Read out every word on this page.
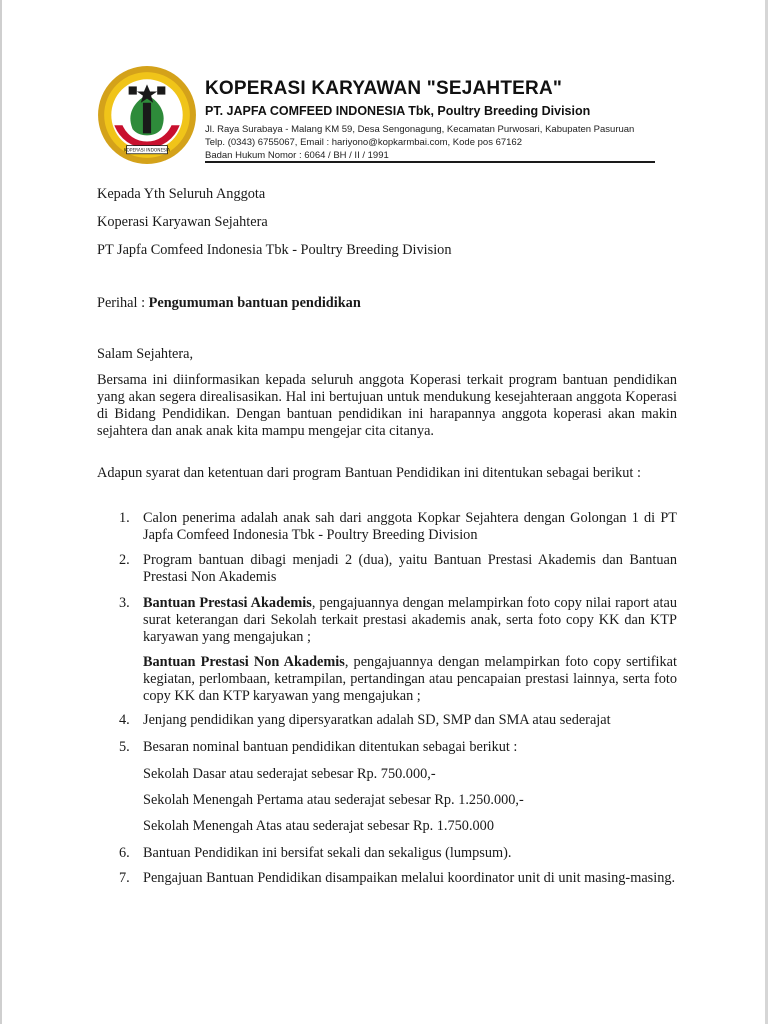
KOPERASI INDONESIA
KOPERASI KARYAWAN "SEJAHTERA"
PT. JAPFA COMFEED INDONESIA Tbk, Poultry Breeding Division
Jl. Raya Surabaya - Malang KM 59, Desa Sengonagung, Kecamatan Purwosari, Kabupaten Pasuruan
Telp. (0343) 6755067, Email : hariyono@kopkarmbai.com, Kode pos 67162
Badan Hukum Nomor : 6064 / BH / II / 1991

Kepada Yth Seluruh Anggota

Koperasi Karyawan Sejahtera

PT Japfa Comfeed Indonesia Tbk - Poultry Breeding Division

Perihal : Pengumuman bantuan pendidikan

Salam Sejahtera,

Bersama ini diinformasikan kepada seluruh anggota Koperasi terkait program bantuan pendidikan yang akan segera direalisasikan. Hal ini bertujuan untuk mendukung kesejahteraan anggota Koperasi di Bidang Pendidikan. Dengan bantuan pendidikan ini harapannya anggota koperasi akan makin sejahtera dan anak anak kita mampu mengejar cita citanya.

Adapun syarat dan ketentuan dari program Bantuan Pendidikan ini ditentukan sebagai berikut :

1. Calon penerima adalah anak sah dari anggota Kopkar Sejahtera dengan Golongan 1 di PT Japfa Comfeed Indonesia Tbk - Poultry Breeding Division
2. Program bantuan dibagi menjadi 2 (dua), yaitu Bantuan Prestasi Akademis dan Bantuan Prestasi Non Akademis
3. Bantuan Prestasi Akademis, pengajuannya dengan melampirkan foto copy nilai raport atau surat keterangan dari Sekolah terkait prestasi akademis anak, serta foto copy KK dan KTP karyawan yang mengajukan ;
Bantuan Prestasi Non Akademis, pengajuannya dengan melampirkan foto copy sertifikat kegiatan, perlombaan, ketrampilan, pertandingan atau pencapaian prestasi lainnya, serta foto copy KK dan KTP karyawan yang mengajukan ;
4. Jenjang pendidikan yang dipersyaratkan adalah SD, SMP dan SMA atau sederajat
5. Besaran nominal bantuan pendidikan ditentukan sebagai berikut :
Sekolah Dasar atau sederajat sebesar Rp. 750.000,-
Sekolah Menengah Pertama atau sederajat sebesar Rp. 1.250.000,-
Sekolah Menengah Atas atau sederajat sebesar Rp. 1.750.000
6. Bantuan Pendidikan ini bersifat sekali dan sekaligus (lumpsum).
7. Pengajuan Bantuan Pendidikan disampaikan melalui koordinator unit di unit masing-masing.
